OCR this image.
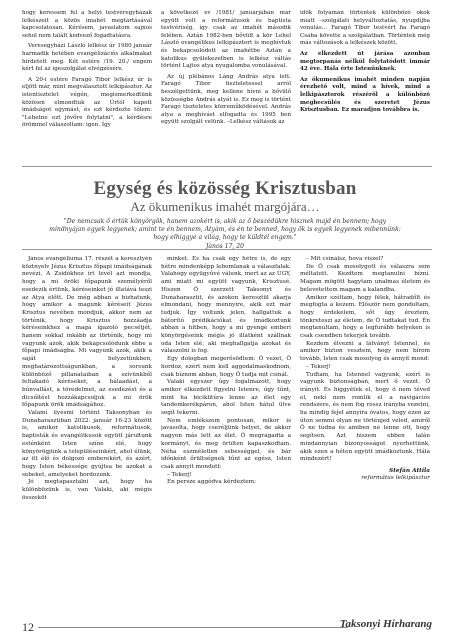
hogy keressem fel a helyi testvéregyházak lelkészeit a közös imahét megtartásával kapcsolatosan. Kérésem, javaslatom sajnos sehol nem talált kedvező fogadtatásra.

Veresegyházi László lelkész úr 1980 január harmadik hetében evangélizációs alkalmakat hirdetett meg. Két estére /19. 20./ engem kért fel az igeszolgálat elvégzésére.

A 20-i estére Faragó Tibor lelkész úr is eljött már, mint megválasztott lelkipásztor. Az istentisztelet végén, megismerkedtünk közösen elmondtuk az Úrtól kapott imádságot egymást, és ezt kérdezte tőlem: "Lehetne ezt jövőre folytatni", a kérdésre örömmel válaszoltam: igen. Így

a következő év /1981/ januárjában már együtt volt a reformátusok és baptista testvériség, így csak az imahét második felében. Aztán 1982-ben bővült a kör Lehel László evangélikus lelkipásztort is meghívtuk és bekapcsolódott az imahétbe Aztán a katolikus gyülekezetben is lelkész váltás történt Lajtos atya nyugalomba vonulásával.

Az új plébános Láng András atya lett. Faragó Tibor tiszteletessel arról beszélgettünk, meg kellene hívni a bővülő közösségbe András atyát is. Ez meg is történt Faragó tiszteletes közreműködésével. András atya a meghívást elfogadta és 1995 ben együtt szolgált velünk. –Lelkész váltások az

idők folyamán történtek különböző okok miatt –szolgálati helyváltoztatás, nyugdíjba vonulás… Faragó Tibor testvért fia Faragó Csaba követte a szolgálatban. Történtek még más változások a lelkészek között.

Az elkezdett út járása azonban megtorpanás nélkül folytatódott immár 42 éve. Hála érte Istenünknek.

Az ökumenikus imahét minden napján érezhető volt, mind a hívek, mind a lelkipásztorok részéről a különböző megbecsülés és szeretet Jézus Krisztusban. Ez maradjon továbbra is.

Egység és közösség Krisztusban
Az ökumenikus imahét margójára…
"De nemcsak ő értük könyörgök, hanem azokért is, akik az ő beszédükre hisznek majd én bennem; hogy mindnyájan egyek legyenek; amint te én bennem, Atyám, és én te benned, hogy ők is egyek legyenek mibennünk: hogy elhiggye a világ, hogy te küldtél engem."
János 17, 20

János evangéliuma 17. részét a keresztyén köztnyelv Jézus Krisztus főpapi imádságának nevezi. A Zsidókhoz írt levél azt mondja, hogy a mi öröki főpapunk személyéről esedezik értünk, kéréseinket jó illatává teszi az Atya előtt. De még abban a bizhatunk, hogy amikor a magunk kéréseit Jézus Krisztus nevében mondjuk, akkor nem az történik, hogy Krisztus hozzáadja kéréseinkhez a maga igazoló pecsétjét, hanem sokkal inkább az történik, hogy mi vagyunk azok, akik bekapcsolódunk ebbe a főpapi imádságba. Mi vagyunk azok, akik a saját helyzetünkben, meghatározottságunkban, a sorsunk különböző pillanataiban a szívünkből feltakadó kéréseket, a hálaadást, a bűnvallást, a töredelmet, az esedezést és a dicsőítést hozzákapcsoljuk a mi örök főpapunk örök imádságához.

Valamí ilyesmi történt Taksonyban és Dunaharasztiban 2022. január 16-23 között is, amikor katolikusok, reformátusok, baptisták és evangélikusok együtt járultunk esténként Isten színe elé, hogy könyörögjünk a településeinkért, ahol élünk, az itt élő és dolgozó emberekért, és azért, hogy Isten békessége gyújtsa be azokat a sebeket, amelyeket hordozunk.

Jó megtapasztalni azt, hogy ha különbözünk is, van Valaki, aki mégis összeköt

minket. És ha csak egy hétre is, de egy hétre mindenképp lebomlanak a válaszfalak. Valahogy együgyűvé válunk, mert az az ÚGY, ami miatt mi együtt vagyunk, Krisztusé. Hiszen Ő szerzett Taksonyt és Dunaharasztit, és azokon keresztül akarja elmondani, hogy mennyire, akik ezt már tudjuk. Így voltunk jelen, hallgattuk a bátorító prédikációkat és imádkoztunk abban a hitben, hogy a mi gyenge emberi könyörgéseink mégis jó illatként szállnak oda Isten elé, aki meghallgatja azokat és válaszolni is fog.

Egy dologban megerősödtem: Ő vezet, Ő hordoz, ezért nem kell aggodalmaskodnom, csak bíznom abban, hogy Ő tudja mit csinál.

Valaki egyszer úgy fogalmazott, hogy amikor elkezdett figyelni Istenre, úgy tűnt, mint ha biciklitúra lenne az élet egy tandemkerékpáron, ahol Isten hátul ülve segít tekerni.

Nem emlékszem pontosan, mikor is javasolta, hogy cseréljünk helyet, de akkor nagyon más lett az élet. Ő megragadta a kormányt, és meg örülten kapaszkodtam. Néha eszméletlen sebességgel, és bár időnként őrültségnek tűnt az egész, Isten csak annyit mondott:

– Tekerj!

En persze aggódva kérdeztem:

– Mit csinálsz, hova viszel?

De Ő csak mosolygott és válaszra sem méltatott. Kezdtem megtanulni bízni. Magam mögött hagytam unalmas életem és belevetettem magam a kalandba.

Amikor szóltam, hogy félek, hátradőlt és megfogta a kezem. Először nem gondoltam, hogy érdekelem, sőt úgy éreztem, tönkreteszi az életem, de Ő tudtakat tud. Én megtanultam, hogy a legfurább helyeken is csak csendben tekerjek tovább.

Kezdem élvezni a látványt Istennel, és amikor bizton vesztem, hogy nem bírom tovább, Isten csak mosolyog és annyit mond:

– Tekerj!

Tudtam, ha Istennel vagyunk, ezért is vagyunk biztonságban, mert ő vezet. Ő irányít. És higgyétek el, hogy ő nem téved el, nekí nem romlik el a navigációs rendszere, és nem fog rossz irányba vezetni, ha mindig fejel annyira óvatos, hogy ezen az úton semmi olyan ne történjed veled, amiről Ő ne tudna és amiben ne lenne ott, hogy segítsen. Azt hiszem ebben talán mindannyian bizonyosságot nyerhettünk, akik ezen a héten együtt imádkoztunk. Hála mindezért!

Stefán Attila
református lelkipásztor
12	Taksonyi Hírharang
